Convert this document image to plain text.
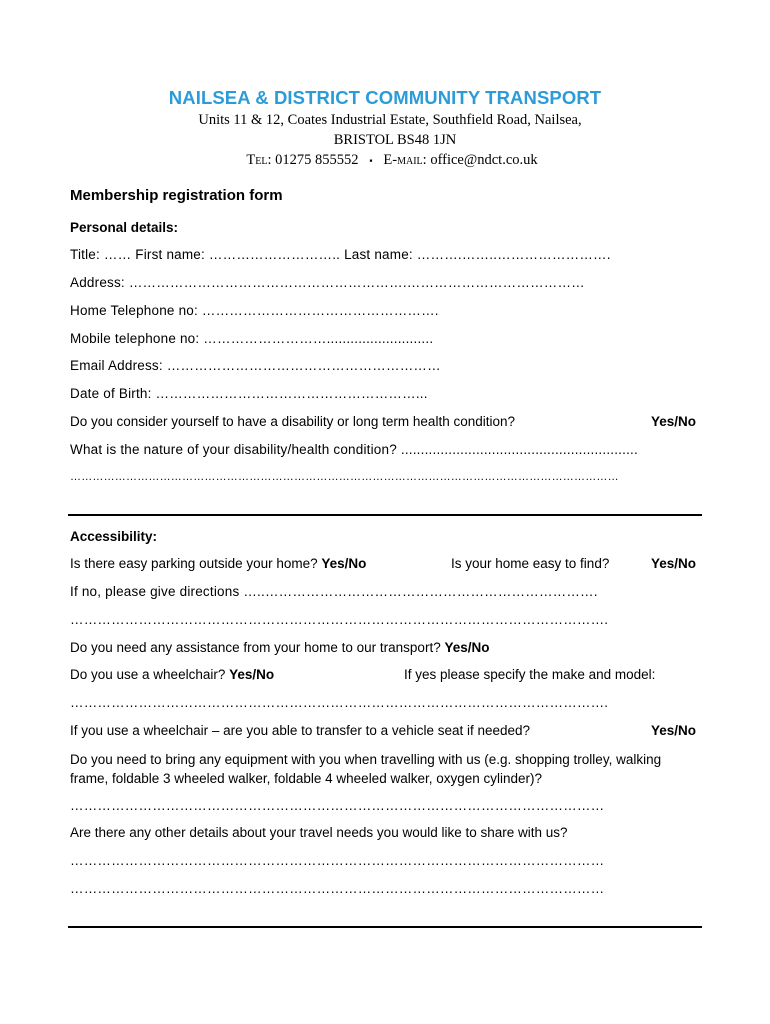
NAILSEA & DISTRICT COMMUNITY TRANSPORT
Units 11 & 12, Coates Industrial Estate, Southfield Road, Nailsea,
BRISTOL BS48 1JN
Tel: 01275 855552 ▪ E-mail: office@ndct.co.uk
Membership registration form
Personal details:
Title: …… First name: ……………………….. Last name: ……….……..…………………….
Address: …………………………………………………….…………………………………
Home Telephone no: …………………………………………….
Mobile telephone no: ………………………...........................
Email Address: ……………………………………………………
Date of Birth: …………………………………………………...
Do you consider yourself to have a disability or long term health condition?	Yes/No
What is the nature of your disability/health condition? ............................................................
…………………………………………………………………………………………………………………………………
Accessibility:
Is there easy parking outside your home? Yes/No	Is your home easy to find?	Yes/No
If no, please give directions …..……………………………………………………………….
……………………………………………………………………………………………………….
Do you need any assistance from your home to our transport? Yes/No
Do you use a wheelchair? Yes/No	If yes please specify the make and model:
……………………………………………………………………………………………………….
If you use a wheelchair – are you able to transfer to a vehicle seat if needed?	Yes/No
Do you need to bring any equipment with you when travelling with us (e.g. shopping trolley, walking frame, foldable 3 wheeled walker, foldable 4 wheeled walker, oxygen cylinder)?
………………………………………………………………………………………………………
Are there any other details about your travel needs you would like to share with us?
………………………………………………………………………………………………………
………………………………………………………………………………………………………
